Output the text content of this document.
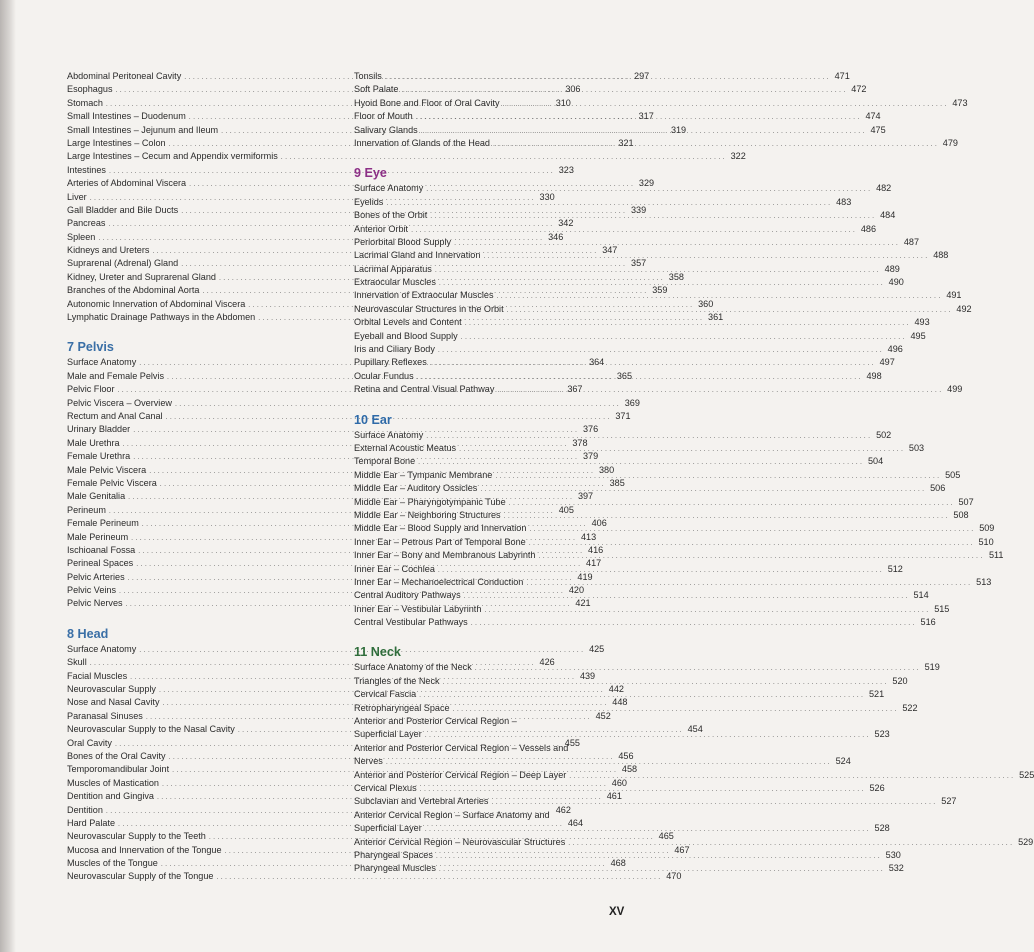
Abdominal Peritoneal Cavity . . .	297
Esophagus . . .	306
Stomach . . .	310
Small Intestines – Duodenum . . .	317
Small Intestines – Jejunum and Ileum . . .	319
Large Intestines – Colon . . .	321
Large Intestines – Cecum and Appendix vermiformis . . .	322
Intestines . . .	323
Arteries of Abdominal Viscera . . .	329
Liver . . .	330
Gall Bladder and Bile Ducts . . .	339
Pancreas . . .	342
Spleen . . .	346
Kidneys and Ureters . . .	347
Suprarenal (Adrenal) Gland . . .	357
Kidney, Ureter and Suprarenal Gland . . .	358
Branches of the Abdominal Aorta . . .	359
Autonomic Innervation of Abdominal Viscera . . .	360
Lymphatic Drainage Pathways in the Abdomen . . .	361
7 Pelvis
Surface Anatomy . . .	364
Male and Female Pelvis . . .	365
Pelvic Floor . . .	367
Pelvic Viscera – Overview . . .	369
Rectum and Anal Canal . . .	371
Urinary Bladder . . .	376
Male Urethra . . .	378
Female Urethra . . .	379
Male Pelvic Viscera . . .	380
Female Pelvic Viscera . . .	385
Male Genitalia . . .	397
Perineum . . .	405
Female Perineum . . .	406
Male Perineum . . .	413
Ischioanal Fossa . . .	416
Perineal Spaces . . .	417
Pelvic Arteries . . .	419
Pelvic Veins . . .	420
Pelvic Nerves . . .	421
8 Head
Surface Anatomy . . .	425
Skull . . .	426
Facial Muscles . . .	439
Neurovascular Supply . . .	442
Nose and Nasal Cavity . . .	448
Paranasal Sinuses . . .	452
Neurovascular Supply to the Nasal Cavity . . .	454
Oral Cavity . . .	455
Bones of the Oral Cavity . . .	456
Temporomandibular Joint . . .	458
Muscles of Mastication . . .	460
Dentition and Gingiva . . .	461
Dentition . . .	462
Hard Palate . . .	464
Neurovascular Supply to the Teeth . . .	465
Mucosa and Innervation of the Tongue . . .	467
Muscles of the Tongue . . .	468
Neurovascular Supply of the Tongue . . .	470
Tonsils . . .	471
Soft Palate . . .	472
Hyoid Bone and Floor of Oral Cavity . . .	473
Floor of Mouth . . .	474
Salivary Glands . . .	475
Innervation of Glands of the Head . . .	479
9 Eye
Surface Anatomy . . .	482
Eyelids . . .	483
Bones of the Orbit . . .	484
Anterior Orbit . . .	486
Periorbital Blood Supply . . .	487
Lacrimal Gland and Innervation . . .	488
Lacrimal Apparatus . . .	489
Extraocular Muscles . . .	490
Innervation of Extraocular Muscles . . .	491
Neurovascular Structures in the Orbit . . .	492
Orbital Levels and Content . . .	493
Eyeball and Blood Supply . . .	495
Iris and Ciliary Body . . .	496
Pupillary Reflexes . . .	497
Ocular Fundus . . .	498
Retina and Central Visual Pathway . . .	499
10 Ear
Surface Anatomy . . .	502
External Acoustic Meatus . . .	503
Temporal Bone . . .	504
Middle Ear – Tympanic Membrane . . .	505
Middle Ear – Auditory Ossicles . . .	506
Middle Ear – Pharyngotympanic Tube . . .	507
Middle Ear – Neighboring Structures . . .	508
Middle Ear – Blood Supply and Innervation . . .	509
Inner Ear – Petrous Part of Temporal Bone . . .	510
Inner Ear – Bony and Membranous Labyrinth . . .	511
Inner Ear – Cochlea . . .	512
Inner Ear – Mechanoelectrical Conduction . . .	513
Central Auditory Pathways . . .	514
Inner Ear – Vestibular Labyrinth . . .	515
Central Vestibular Pathways . . .	516
11 Neck
Surface Anatomy of the Neck . . .	519
Triangles of the Neck . . .	520
Cervical Fascia . . .	521
Retropharyngeal Space . . .	522
Anterior and Posterior Cervical Region –
Superficial Layer . . .	523
Anterior and Posterior Cervical Region – Vessels and
Nerves . . .	524
Anterior and Posterior Cervical Region – Deep Layer . . .	525
Cervical Plexus . . .	526
Subclavian and Vertebral Arteries . . .	527
Anterior Cervical Region – Surface Anatomy and
Superficial Layer . . .	528
Anterior Cervical Region – Neurovascular Structures . . .	529
Pharyngeal Spaces . . .	530
Pharyngeal Muscles . . .	532
XV
